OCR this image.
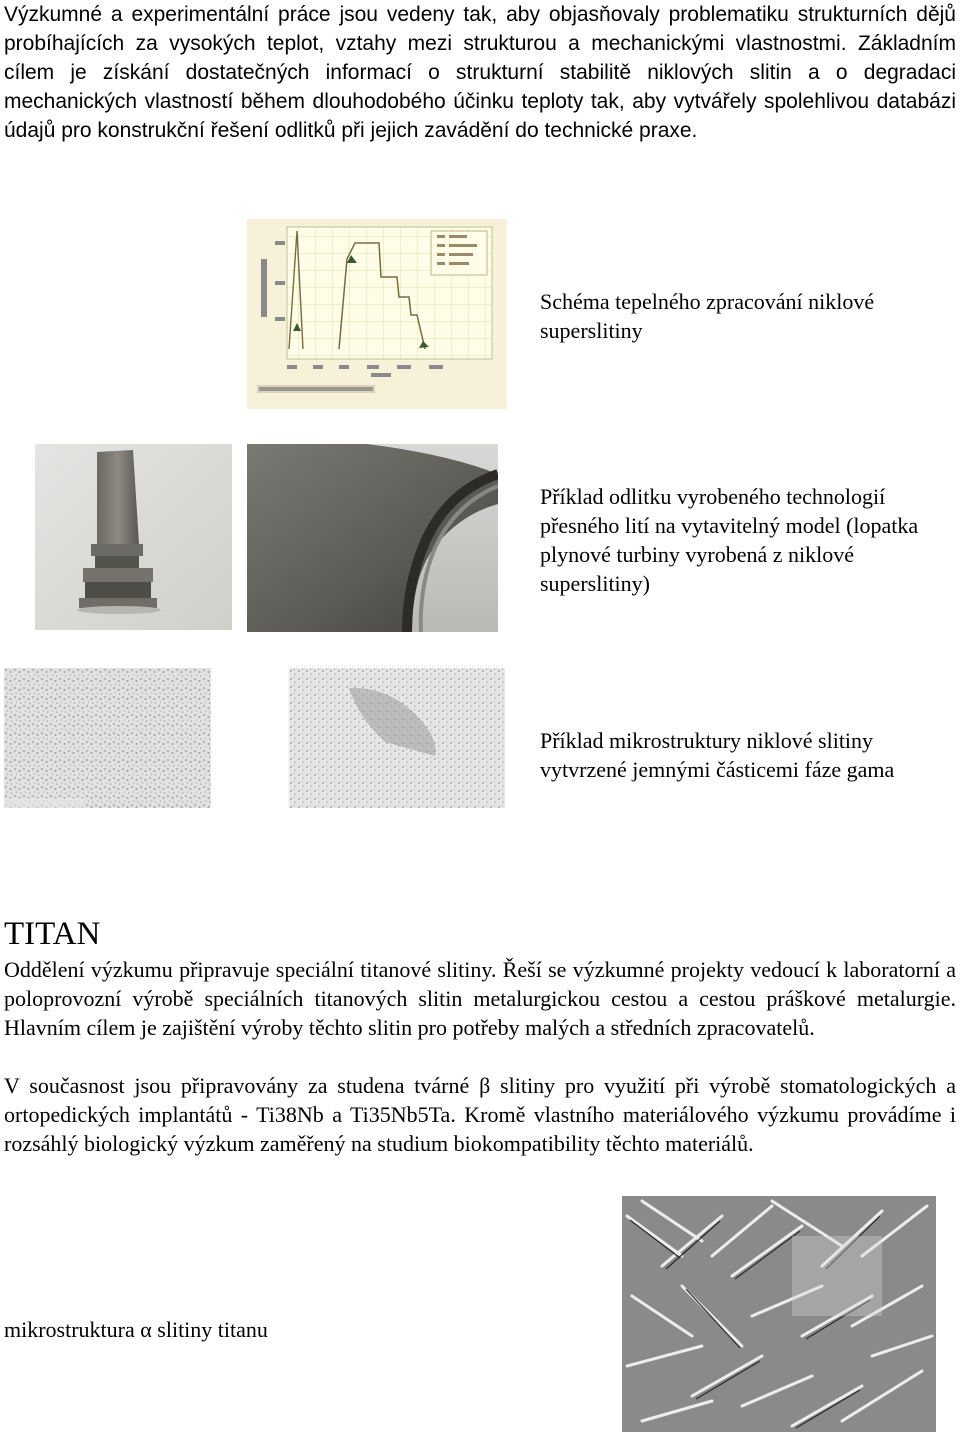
Výzkumné a experimentální práce jsou vedeny tak, aby objasňovaly problematiku strukturních dějů probíhajících za vysokých teplot, vztahy mezi strukturou a mechanickými vlastnostmi. Základním cílem je získání dostatečných informací o strukturní stabilitě niklových slitin a o degradaci mechanických vlastností během dlouhodobého účinku teploty tak, aby vytvářely spolehlivou databázi údajů pro konstrukční řešení odlitků při jejich zavádění do technické praxe.

Schéma tepelného zpracování niklové superslitiny

Příklad odlitku vyrobeného technologií přesného lití na vytavitelný model (lopatka plynové turbiny vyrobená z niklové superslitiny)

Příklad mikrostruktury niklové slitiny vytvrzené jemnými částicemi fáze gama

TITAN

Oddělení výzkumu připravuje speciální titanové slitiny. Řeší se výzkumné projekty vedoucí k laboratorní a poloprovozní výrobě speciálních titanových slitin metalurgickou cestou a cestou práškové metalurgie. Hlavním cílem je zajištění výroby těchto slitin pro potřeby malých a středních zpracovatelů.

V současnost jsou připravovány za studena tvárné β slitiny pro využití při výrobě stomatologických a ortopedických implantátů - Ti38Nb a Ti35Nb5Ta. Kromě vlastního materiálového výzkumu provádíme i rozsáhlý biologický výzkum zaměřený na studium biokompatibility těchto materiálů.

mikrostruktura α slitiny titanu
